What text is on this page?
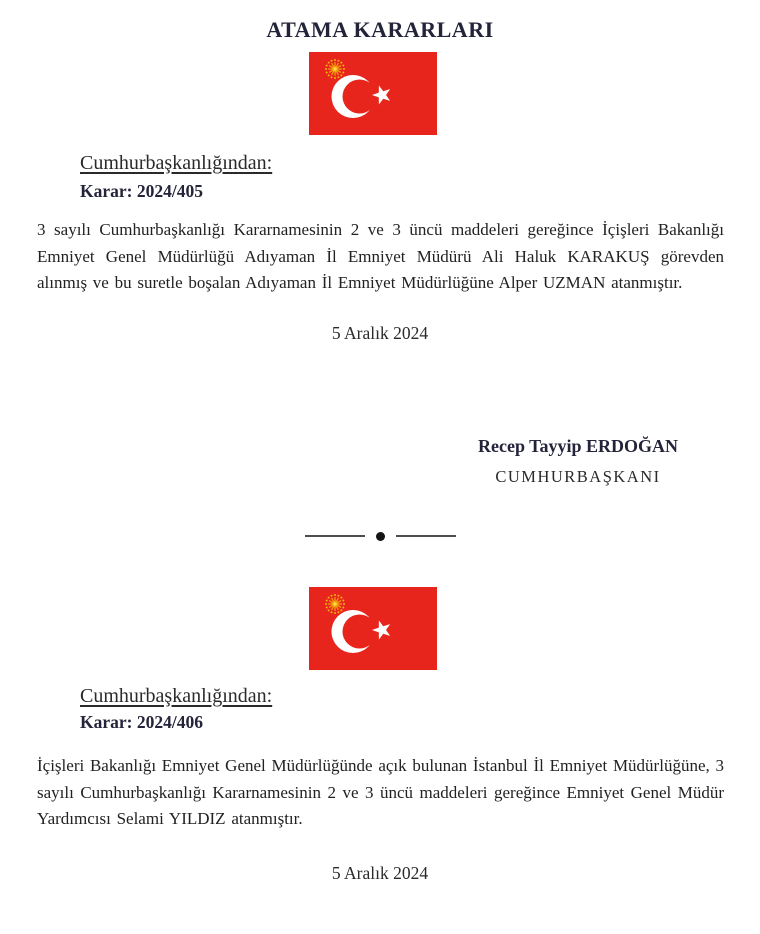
ATAMA KARARLARI
Cumhurbaşkanlığından:
Karar: 2024/405

3 sayılı Cumhurbaşkanlığı Kararnamesinin 2 ve 3 üncü maddeleri gereğince İçişleri Bakanlığı Emniyet Genel Müdürlüğü Adıyaman İl Emniyet Müdürü Ali Haluk KARAKUŞ görevden alınmış ve bu suretle boşalan Adıyaman İl Emniyet Müdürlüğüne Alper UZMAN atanmıştır.

5 Aralık 2024
Recep Tayyip ERDOĞAN
CUMHURBAŞKANI
Cumhurbaşkanlığından:
Karar: 2024/406

İçişleri Bakanlığı Emniyet Genel Müdürlüğünde açık bulunan İstanbul İl Emniyet Müdürlüğüne, 3 sayılı Cumhurbaşkanlığı Kararnamesinin 2 ve 3 üncü maddeleri gereğince Emniyet Genel Müdür Yardımcısı Selami YILDIZ atanmıştır.

5 Aralık 2024
